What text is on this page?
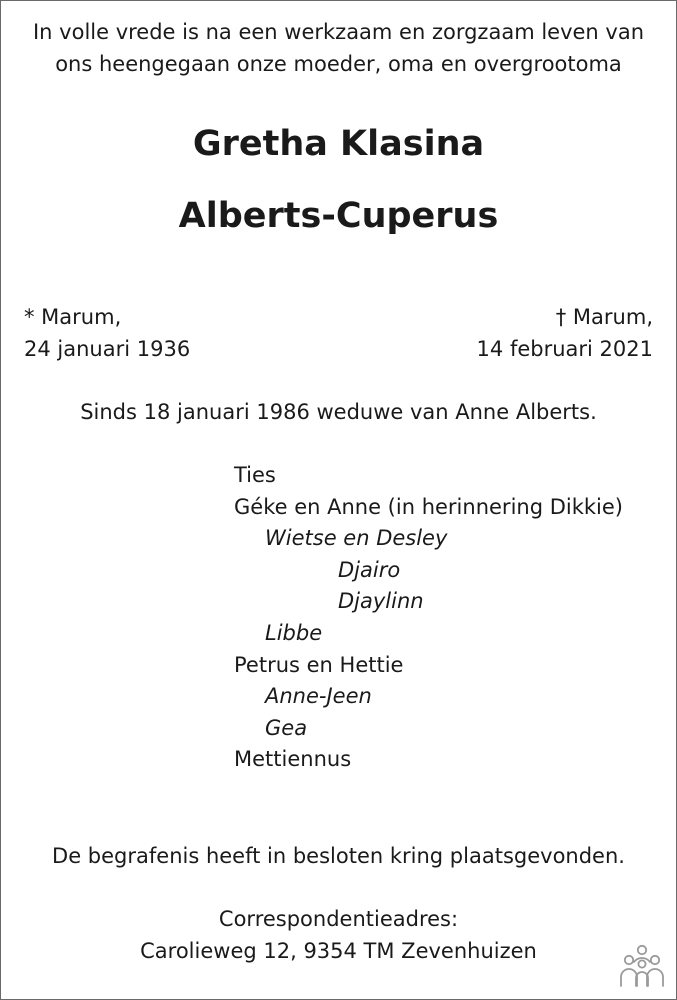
In volle vrede is na een werkzaam en zorgzaam leven van

ons heengegaan onze moeder, oma en overgrootoma

Gretha Klasina
Alberts-Cuperus

* Marum,

24 januari 1936

† Marum,

14 februari 2021

Sinds 18 januari 1986 weduwe van Anne Alberts.

Ties

Géke en Anne (in herinnering Dikkie)

Wietse en Desley

Djairo

Djaylinn

Libbe

Petrus en Hettie

Anne-Jeen

Gea

Mettiennus

De begrafenis heeft in besloten kring plaatsgevonden.

Correspondentieadres:

Carolieweg 12, 9354 TM Zevenhuizen
